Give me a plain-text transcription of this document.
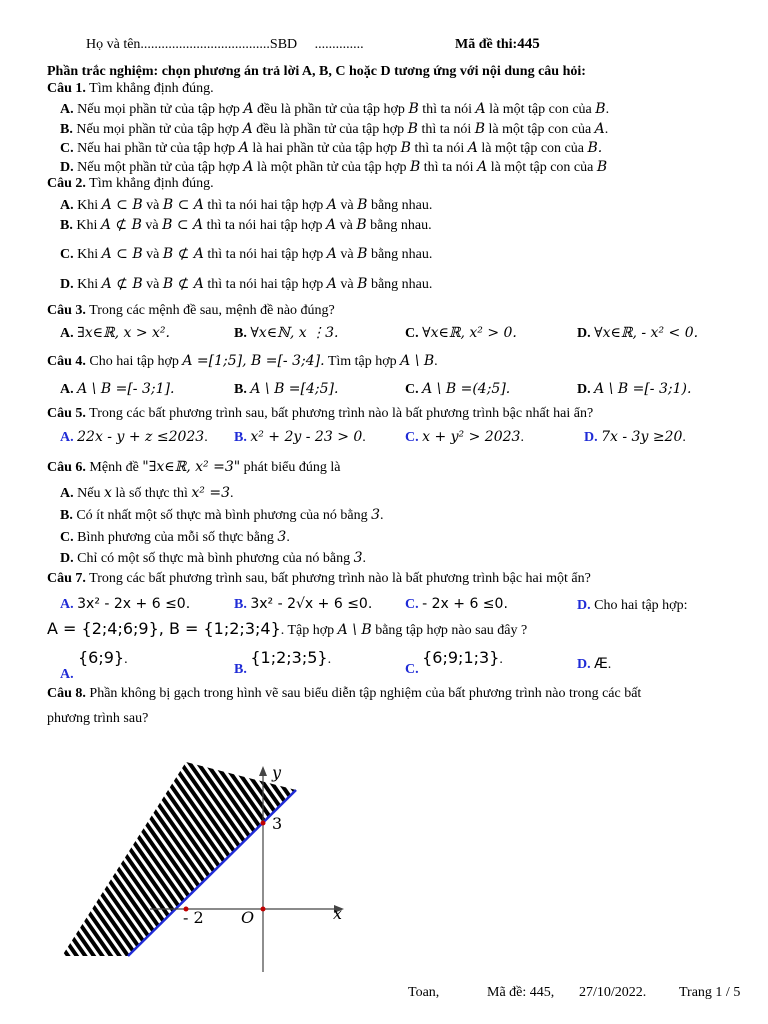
Họ và tên.....................................SBD ..............	Mã đề thi:445
Phần trắc nghiệm: chọn phương án trả lời A, B, C hoặc D tương ứng với nội dung câu hỏi:
Câu 1. Tìm khẳng định đúng.
A. Nếu mọi phần tử của tập hợp A đều là phần tử của tập hợp B thì ta nói A là một tập con của B.
B. Nếu mọi phần tử của tập hợp A đều là phần tử của tập hợp B thì ta nói B là một tập con của A.
C. Nếu hai phần tử của tập hợp A là hai phần tử của tập hợp B thì ta nói A là một tập con của B.
D. Nếu một phần tử của tập hợp A là một phần tử của tập hợp B thì ta nói A là một tập con của B
Câu 2. Tìm khẳng định đúng.
A. Khi A ⊂ B và B ⊂ A thì ta nói hai tập hợp A và B bằng nhau.
B. Khi A ⊄ B và B ⊂ A thì ta nói hai tập hợp A và B bằng nhau.
C. Khi A ⊂ B và B ⊄ A thì ta nói hai tập hợp A và B bằng nhau.
D. Khi A ⊄ B và B ⊄ A thì ta nói hai tập hợp A và B bằng nhau.
Câu 3. Trong các mệnh đề sau, mệnh đề nào đúng?
A. ∃x∈ℝ, x > x².	B. ∀x∈ℕ, x ⋮3.	C. ∀x∈ℝ, x² > 0.	D. ∀x∈ℝ, - x² < 0.
Câu 4. Cho hai tập hợp A =[1;5], B =[- 3;4]. Tìm tập hợp A \ B.
A. A \ B =[- 3;1].	B. A \ B =[4;5].	C. A \ B =(4;5].	D. A \ B =[- 3;1).
Câu 5. Trong các bất phương trình sau, bất phương trình nào là bất phương trình bậc nhất hai ẩn?
A. 22x - y + z ≤2023. B. x² + 2y - 23 > 0.	C. x + y² > 2023.	D. 7x - 3y ≥20.
Câu 6. Mệnh đề "∃x∈ℝ, x² =3" phát biểu đúng là
A. Nếu x là số thực thì x² =3.
B. Có ít nhất một số thực mà bình phương của nó bằng 3.
C. Bình phương của mỗi số thực bằng 3.
D. Chỉ có một số thực mà bình phương của nó bằng 3.
Câu 7. Trong các bất phương trình sau, bất phương trình nào là bất phương trình bậc hai một ẩn?
A. 3x² - 2x + 6 ≤0.	B. 3x² - 2√x + 6 ≤0. C. - 2x + 6 ≤0.	D. Cho hai tập hợp:
A = {2;4;6;9}, B = {1;2;3;4}. Tập hợp A \ B bằng tập hợp nào sau đây ?
{6;9}.
A.	B. {1;2;3;5}.
C. {6;9;1;3}.	D. Æ.
Câu 8. Phần không bị gạch trong hình vẽ sau biểu diễn tập nghiệm của bất phương trình nào trong các bất
phương trình sau?
y
x
O
3
- 2
Toan,	Mã đề: 445, 27/10/2022. Trang 1 / 5
